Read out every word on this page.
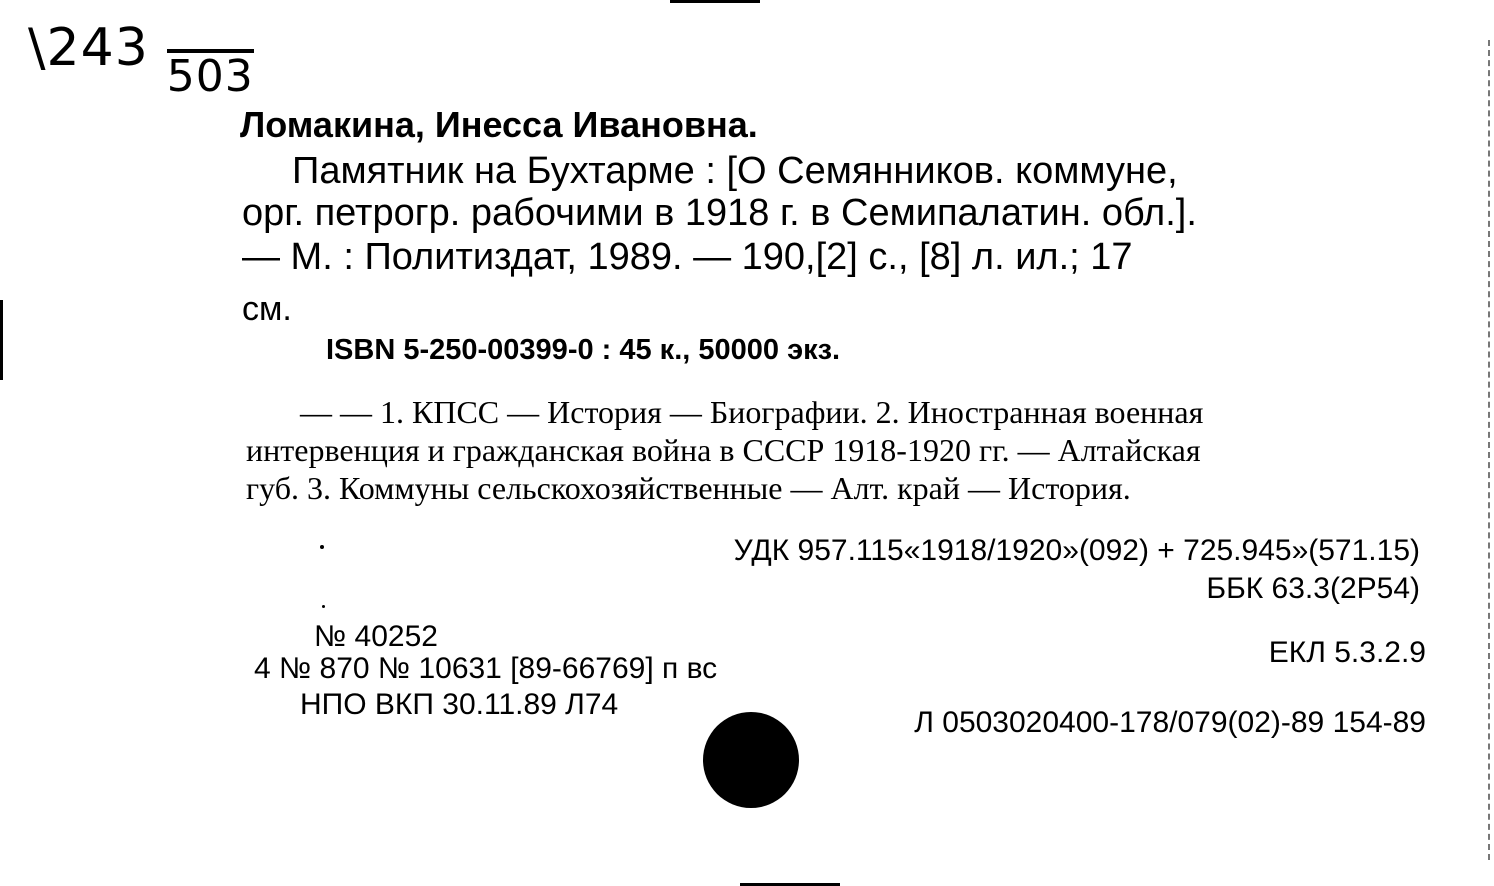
\243 503

Ломакина, Инесса Ивановна.

Памятник на Бухтарме : [О Семянников. коммуне,

орг. петрогр. рабочими в 1918 г. в Семипалатин. обл.].

— М. : Политиздат, 1989. — 190,[2] с., [8] л. ил.; 17

см.

ISBN 5-250-00399-0 : 45 к., 50000 экз.

— — 1. КПСС — История — Биографии. 2. Иностранная военная

интервенция и гражданская война в СССР 1918-1920 гг. — Алтайская

губ. 3. Коммуны сельскохозяйственные — Алт. край — История.

УДК 957.115«1918/1920»(092) + 725.945»(571.15)

ББК 63.3(2Р54)

№ 40252

4 № 870 № 10631 [89-66769] п вс

НПО ВКП 30.11.89 Л74

ЕКЛ 5.3.2.9

Л 0503020400-178/079(02)-89 154-89
